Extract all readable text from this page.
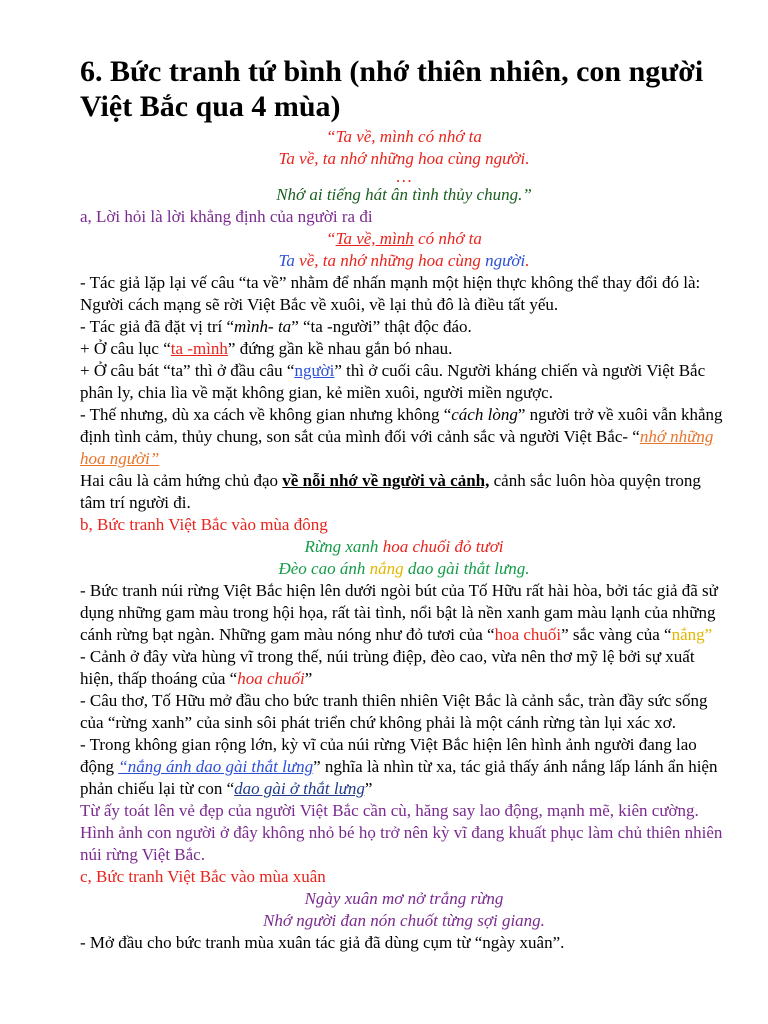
6. Bức tranh tứ bình (nhớ thiên nhiên, con người Việt Bắc qua 4 mùa)

“Ta về, mình có nhớ ta

Ta về, ta nhớ những hoa cùng người.

…

Nhớ ai tiếng hát ân tình thủy chung.”

a, Lời hỏi là lời khẳng định của người ra đi

“Ta về, mình có nhớ ta

Ta về, ta nhớ những hoa cùng người.

- Tác giả lặp lại vế câu “ta về” nhằm để nhấn mạnh một hiện thực không thể thay đổi đó là: Người cách mạng sẽ rời Việt Bắc về xuôi, về lại thủ đô là điều tất yếu.

- Tác giả đã đặt vị trí “mình- ta” “ta -người” thật độc đáo.

+ Ở câu lục “ta -mình” đứng gần kề nhau gắn bó nhau.

+ Ở câu bát “ta” thì ở đầu câu “người” thì ở cuối câu. Người kháng chiến và người Việt Bắc phân ly, chia lìa về mặt không gian, kẻ miền xuôi, người miền ngược.

- Thế nhưng, dù xa cách về không gian nhưng không “cách lòng” người trở về xuôi vẫn khẳng định tình cảm, thủy chung, son sắt của mình đối với cảnh sắc và người Việt Bắc- “nhớ những hoa người”

Hai câu là cảm hứng chủ đạo về nỗi nhớ về người và cảnh, cảnh sắc luôn hòa quyện trong tâm trí người đi.

b, Bức tranh Việt Bắc vào mùa đông

Rừng xanh hoa chuối đỏ tươi

Đèo cao ánh nắng dao gài thắt lưng.

- Bức tranh núi rừng Việt Bắc hiện lên dưới ngòi bút của Tố Hữu rất hài hòa, bởi tác giả đã sử dụng những gam màu trong hội họa, rất tài tình, nổi bật là nền xanh gam màu lạnh của những cánh rừng bạt ngàn. Những gam màu nóng như đỏ tươi của “hoa chuối” sắc vàng của “nắng”

- Cảnh ở đây vừa hùng vĩ trong thế, núi trùng điệp, đèo cao, vừa nên thơ mỹ lệ bởi sự xuất hiện, thấp thoáng của “hoa chuối”

- Câu thơ, Tố Hữu mở đầu cho bức tranh thiên nhiên Việt Bắc là cảnh sắc, tràn đầy sức sống của “rừng xanh” của sinh sôi phát triển chứ không phải là một cánh rừng tàn lụi xác xơ.

- Trong không gian rộng lớn, kỳ vĩ của núi rừng Việt Bắc hiện lên hình ảnh người đang lao động “nắng ánh dao gài thắt lưng” nghĩa là nhìn từ xa, tác giả thấy ánh nắng lấp lánh ẩn hiện phản chiếu lại từ con “dao gài ở thắt lưng”

Từ ấy toát lên vẻ đẹp của người Việt Bắc cần cù, hăng say lao động, mạnh mẽ, kiên cường. Hình ảnh con người ở đây không nhỏ bé họ trở nên kỳ vĩ đang khuất phục làm chủ thiên nhiên núi rừng Việt Bắc.

c, Bức tranh Việt Bắc vào mùa xuân

Ngày xuân mơ nở trắng rừng

Nhớ người đan nón chuốt từng sợi giang.

- Mở đầu cho bức tranh mùa xuân tác giả đã dùng cụm từ “ngày xuân”.
